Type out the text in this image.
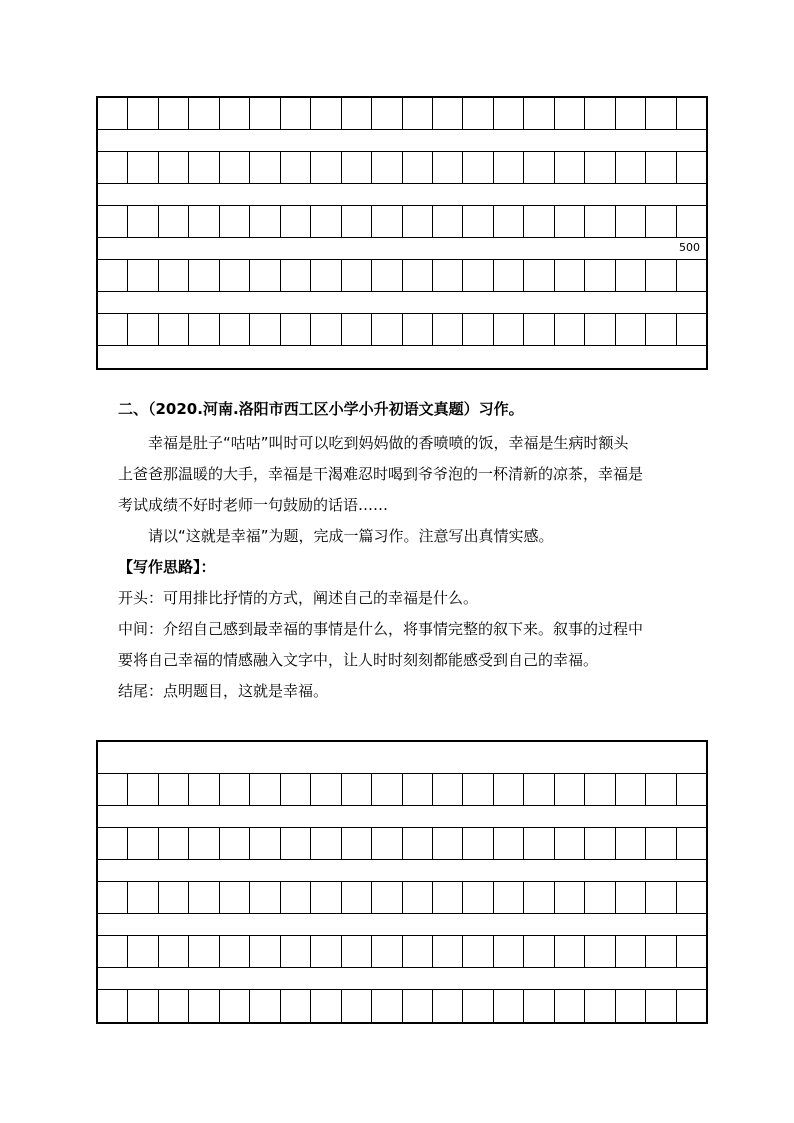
500

二、（2020.河南.洛阳市西工区小学小升初语文真题）习作。

幸福是肚子“咕咕”叫时可以吃到妈妈做的香喷喷的饭，幸福是生病时额头

上爸爸那温暖的大手，幸福是干渴难忍时喝到爷爷泡的一杯清新的凉茶，幸福是

考试成绩不好时老师一句鼓励的话语……

请以“这就是幸福”为题，完成一篇习作。注意写出真情实感。

【写作思路】：

开头：可用排比抒情的方式，阐述自己的幸福是什么。

中间：介绍自己感到最幸福的事情是什么，将事情完整的叙下来。叙事的过程中

要将自己幸福的情感融入文字中，让人时时刻刻都能感受到自己的幸福。

结尾：点明题目，这就是幸福。
